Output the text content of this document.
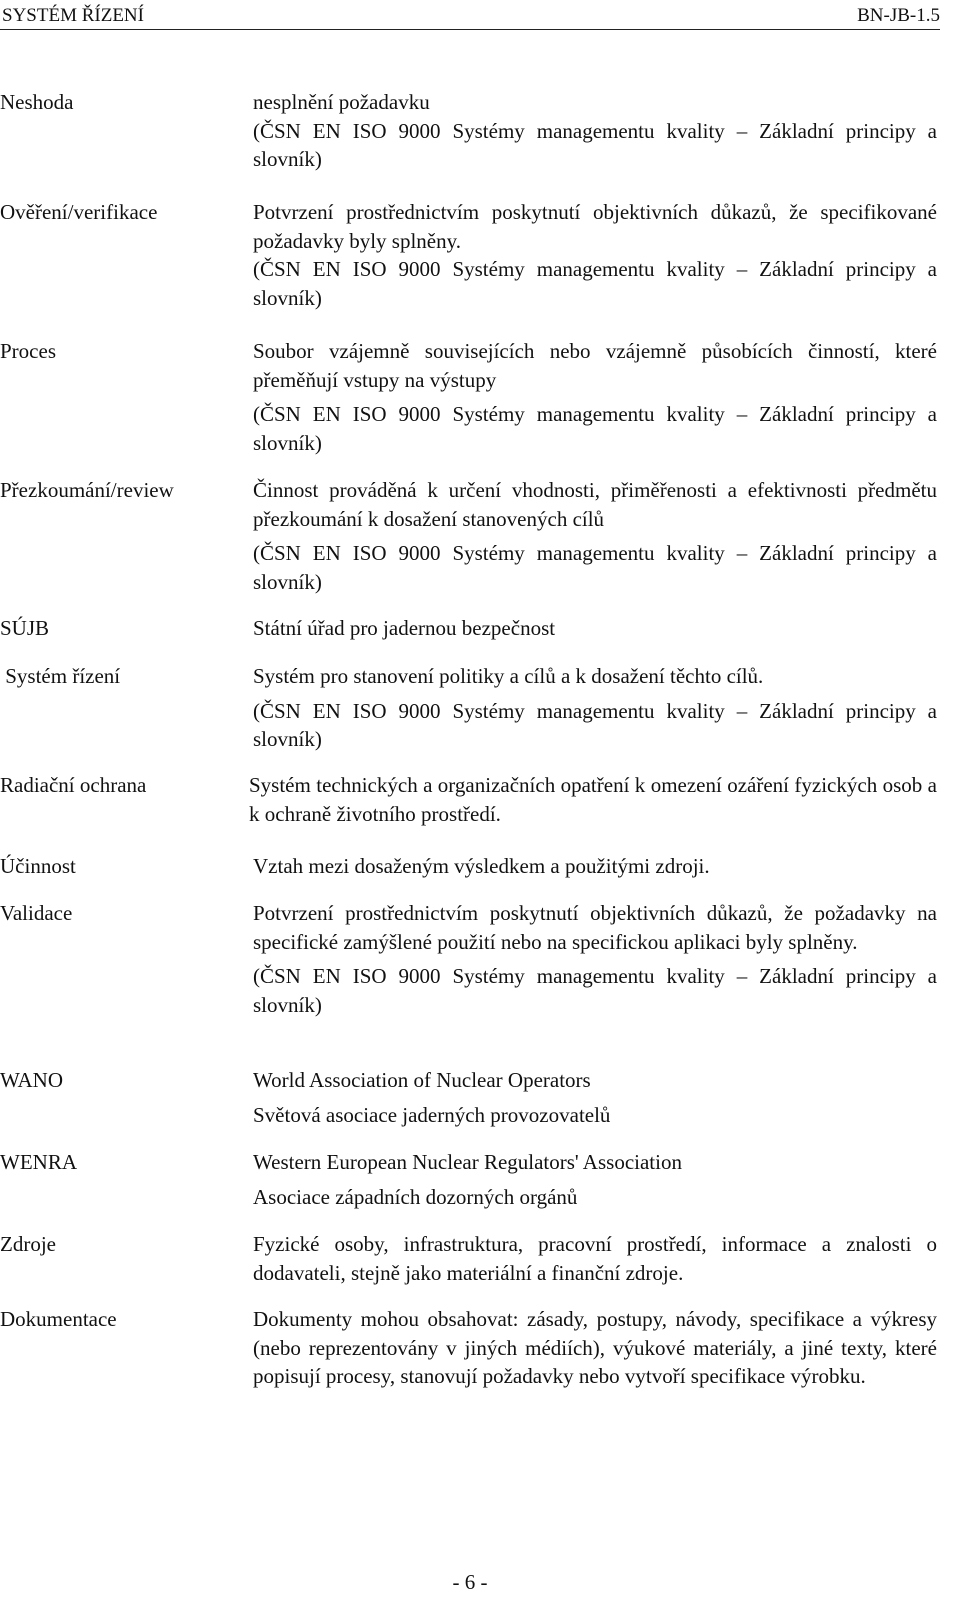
SYSTÉM ŘÍZENÍ	BN-JB-1.5
Neshoda	nesplnění požadavku

(ČSN EN ISO 9000 Systémy managementu kvality – Základní principy a slovník)

Ověření/verifikace	Potvrzení prostřednictvím poskytnutí objektivních důkazů, že specifikované požadavky byly splněny.

(ČSN EN ISO 9000 Systémy managementu kvality – Základní principy a slovník)

Proces	Soubor vzájemně souvisejících nebo vzájemně působících činností, které přeměňují vstupy na výstupy

(ČSN EN ISO 9000 Systémy managementu kvality – Základní principy a slovník)

Přezkoumání/review	Činnost prováděná k určení vhodnosti, přiměřenosti a efektivnosti předmětu přezkoumání k dosažení stanovených cílů

(ČSN EN ISO 9000 Systémy managementu kvality – Základní principy a slovník)

SÚJB	Státní úřad pro jadernou bezpečnost

Systém řízení	Systém pro stanovení politiky a cílů a k dosažení těchto cílů.

(ČSN EN ISO 9000 Systémy managementu kvality – Základní principy a slovník)

Radiační ochrana	Systém technických a organizačních opatření k omezení ozáření fyzických osob a k ochraně životního prostředí.

Účinnost	Vztah mezi dosaženým výsledkem a použitými zdroji.

Validace	Potvrzení prostřednictvím poskytnutí objektivních důkazů, že požadavky na specifické zamýšlené použití nebo na specifickou aplikaci byly splněny.

(ČSN EN ISO 9000 Systémy managementu kvality – Základní principy a slovník)

WANO	World Association of Nuclear Operators

Světová asociace jaderných provozovatelů

WENRA	Western European Nuclear Regulators' Association

Asociace západních dozorných orgánů

Zdroje	Fyzické osoby, infrastruktura, pracovní prostředí, informace a znalosti o dodavateli, stejně jako materiální a finanční zdroje.

Dokumentace	Dokumenty mohou obsahovat: zásady, postupy, návody, specifikace a výkresy (nebo reprezentovány v jiných médiích), výukové materiály, a jiné texty, které popisují procesy, stanovují požadavky nebo vytvoří specifikace výrobku.

- 6 -
